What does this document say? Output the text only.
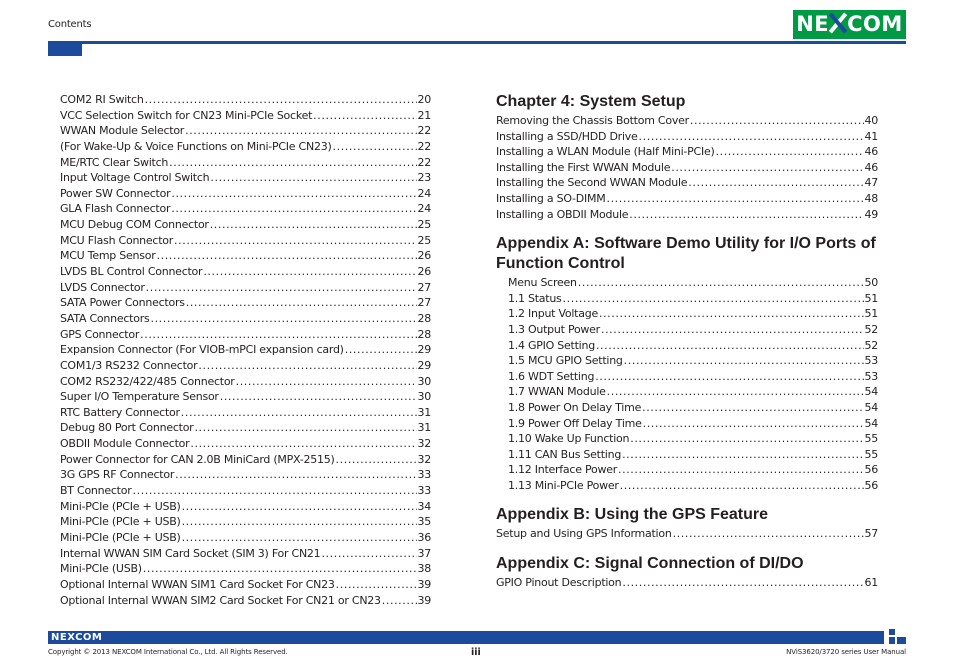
Contents	NE COM
COM2 RI Switch .....	20
VCC Selection Switch for CN23 Mini-PCIe Socket .....	21
WWAN Module Selector .....	22
(For Wake-Up & Voice Functions on Mini-PCIe CN23) .....	22
ME/RTC Clear Switch .....	22
Input Voltage Control Switch .....	23
Power SW Connector .....	24
GLA Flash Connector .....	24
MCU Debug COM Connector .....	25
MCU Flash Connector .....	25
MCU Temp Sensor .....	26
LVDS BL Control Connector .....	26
LVDS Connector .....	27
SATA Power Connectors .....	27
SATA Connectors .....	28
GPS Connector .....	28
Expansion Connector (For VIOB-mPCI expansion card) .....	29
COM1/3 RS232 Connector .....	29
COM2 RS232/422/485 Connector .....	30
Super I/O Temperature Sensor .....	30
RTC Battery Connector .....	31
Debug 80 Port Connector .....	31
OBDII Module Connector .....	32
Power Connector for CAN 2.0B MiniCard (MPX-2515) .....	32
3G GPS RF Connector .....	33
BT Connector .....	33
Mini-PCIe (PCIe + USB) .....	34
Mini-PCIe (PCIe + USB) .....	35
Mini-PCIe (PCIe + USB) .....	36
Internal WWAN SIM Card Socket (SIM 3) For CN21 .....	37
Mini-PCIe (USB) .....	38
Optional Internal WWAN SIM1 Card Socket For CN23 .....	39
Optional Internal WWAN SIM2 Card Socket For CN21 or CN23 .....	39
Chapter 4: System Setup
Removing the Chassis Bottom Cover .....	40
Installing a SSD/HDD Drive .....	41
Installing a WLAN Module (Half Mini-PCIe) .....	46
Installing the First WWAN Module .....	46
Installing the Second WWAN Module .....	47
Installing a SO-DIMM .....	48
Installing a OBDII Module .....	49
Appendix A: Software Demo Utility for I/O Ports of
Function Control
Menu Screen .....	50
1.1 Status .....	51
1.2 Input Voltage .....	51
1.3 Output Power .....	52
1.4 GPIO Setting .....	52
1.5 MCU GPIO Setting .....	53
1.6 WDT Setting .....	53
1.7 WWAN Module .....	54
1.8 Power On Delay Time .....	54
1.9 Power Off Delay Time .....	54
1.10 Wake Up Function .....	55
1.11 CAN Bus Setting .....	55
1.12 Interface Power .....	56
1.13 Mini-PCIe Power .....	56
Appendix B: Using the GPS Feature
Setup and Using GPS Information .....	57
Appendix C: Signal Connection of DI/DO
GPIO Pinout Description .....	61
NEXCOM
Copyright © 2013 NEXCOM International Co., Ltd. All Rights Reserved.	iii	NViS3620/3720 series User Manual
